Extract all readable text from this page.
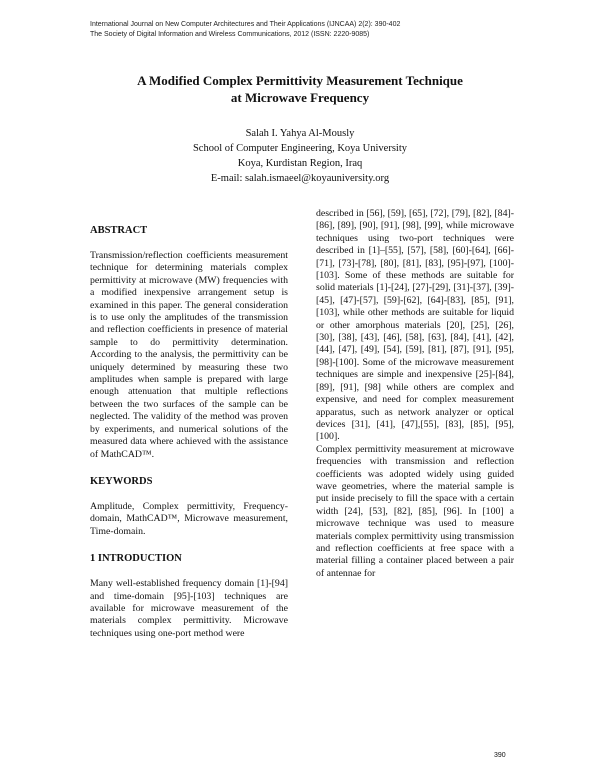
International Journal on New Computer Architectures and Their Applications (IJNCAA) 2(2): 390-402
The Society of Digital Information and Wireless Communications, 2012 (ISSN: 2220-9085)
A Modified Complex Permittivity Measurement Technique
at Microwave Frequency
Salah I. Yahya Al-Mously
School of Computer Engineering, Koya University
Koya, Kurdistan Region, Iraq
E-mail: salah.ismaeel@koyauniversity.org
ABSTRACT

Transmission/reflection coefficients measurement technique for determining materials complex permittivity at microwave (MW) frequencies with a modified inexpensive arrangement setup is examined in this paper. The general consideration is to use only the amplitudes of the transmission and reflection coefficients in presence of material sample to do permittivity determination. According to the analysis, the permittivity can be uniquely determined by measuring these two amplitudes when sample is prepared with large enough attenuation that multiple reflections between the two surfaces of the sample can be neglected. The validity of the method was proven by experiments, and numerical solutions of the measured data where achieved with the assistance of MathCAD™.

KEYWORDS

Amplitude, Complex permittivity, Frequency-domain, MathCAD™, Microwave measurement, Time-domain.

1 INTRODUCTION

Many well-established frequency domain [1]-[94] and time-domain [95]-[103] techniques are available for microwave measurement of the materials complex permittivity. Microwave techniques using one-port method were

described in [56], [59], [65], [72], [79], [82], [84]-[86], [89], [90], [91], [98], [99], while microwave techniques using two-port techniques were described in [1]–[55], [57], [58], [60]-[64], [66]-[71], [73]-[78], [80], [81], [83], [95]-[97], [100]-[103]. Some of these methods are suitable for solid materials [1]-[24], [27]-[29], [31]-[37], [39]-[45], [47]-[57], [59]-[62], [64]-[83], [85], [91], [103], while other methods are suitable for liquid or other amorphous materials [20], [25], [26], [30], [38], [43], [46], [58], [63], [84], [41], [42], [44], [47], [49], [54], [59], [81], [87], [91], [95], [98]-[100]. Some of the microwave measurement techniques are simple and inexpensive [25]-[84], [89], [91], [98] while others are complex and expensive, and need for complex measurement apparatus, such as network analyzer or optical devices [31], [41], [47],[55], [83], [85], [95], [100].

Complex permittivity measurement at microwave frequencies with transmission and reflection coefficients was adopted widely using guided wave geometries, where the material sample is put inside precisely to fill the space with a certain width [24], [53], [82], [85], [96]. In [100] a microwave technique was used to measure materials complex permittivity using transmission and reflection coefficients at free space with a material filling a container placed between a pair of antennae for

390
